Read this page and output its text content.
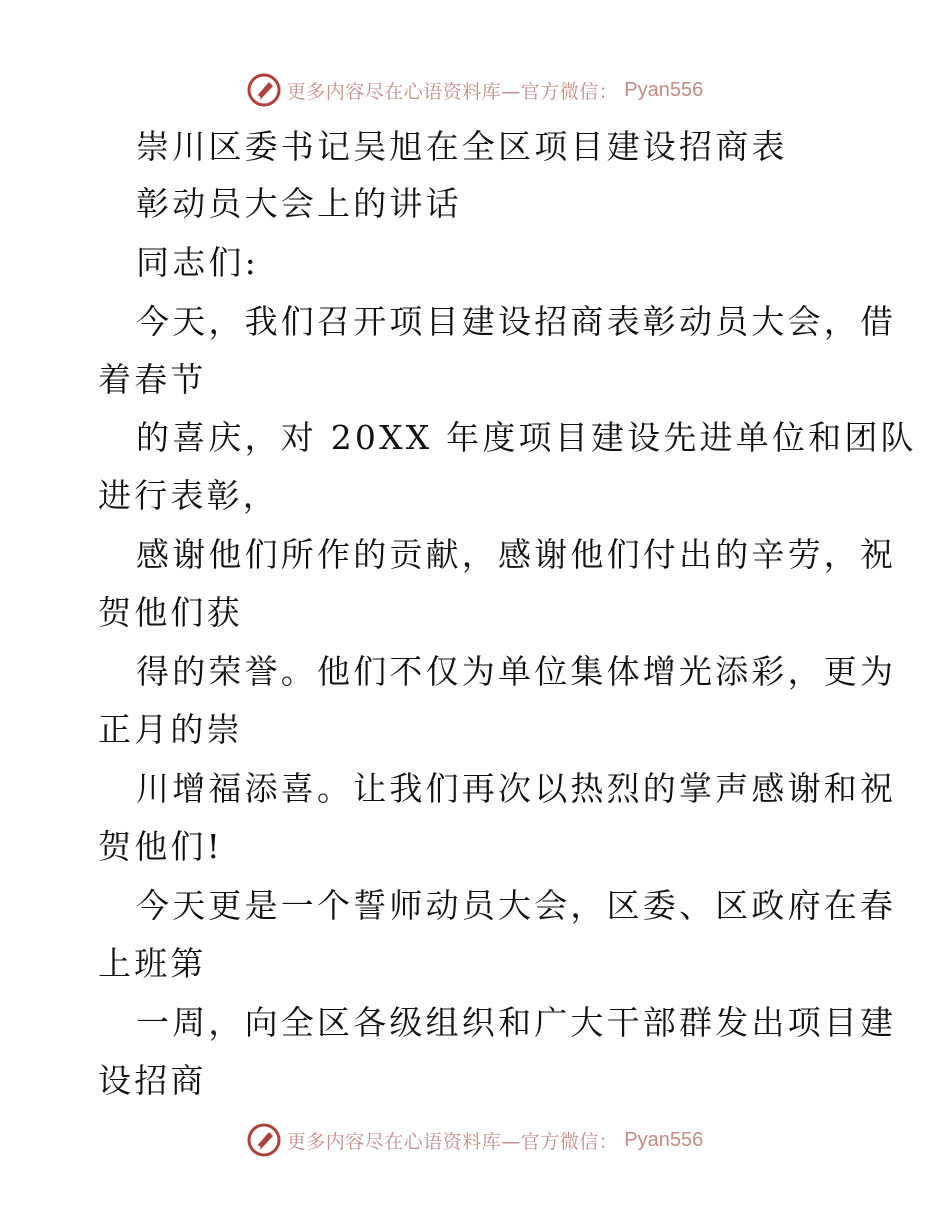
更多内容尽在心语资料库—官方微信： Pyan556
崇川区委书记吴旭在全区项目建设招商表
彰动员大会上的讲话
同志们:
今天，我们召开项目建设招商表彰动员大会，借
着春节
的喜庆，对 20XX 年度项目建设先进单位和团队
进行表彰，
感谢他们所作的贡献，感谢他们付出的辛劳，祝
贺他们获
得的荣誉。他们不仅为单位集体增光添彩，更为
正月的崇
川增福添喜。让我们再次以热烈的掌声感谢和祝
贺他们!
今天更是一个誓师动员大会，区委、区政府在春
上班第
一周，向全区各级组织和广大干部群发出项目建
设招商
更多内容尽在心语资料库—官方微信： Pyan556
